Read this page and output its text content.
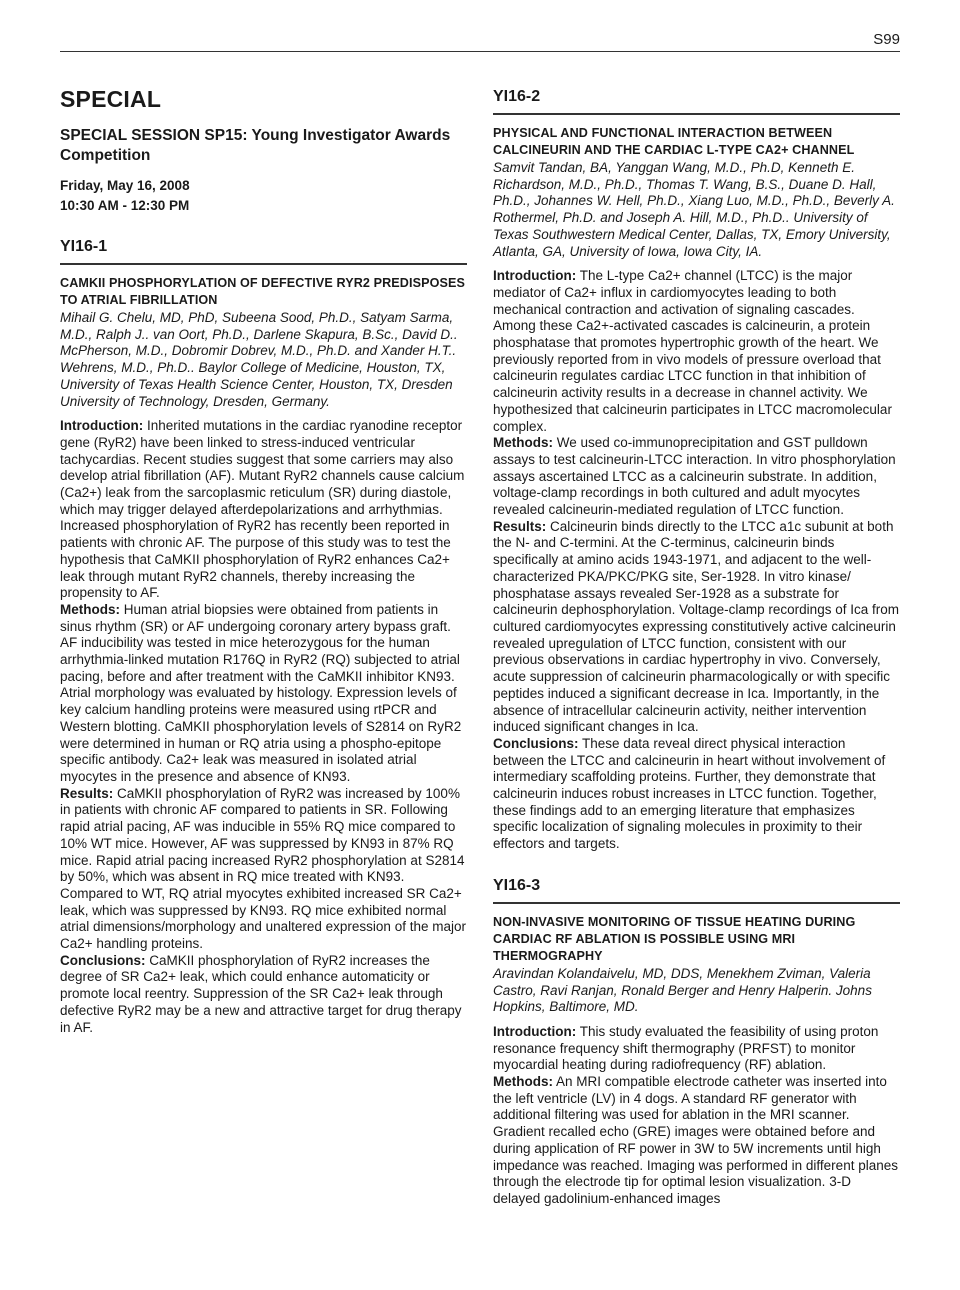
S99
SPECIAL
SPECIAL SESSION SP15: Young Investigator Awards Competition
Friday, May 16, 2008
10:30 AM - 12:30 PM
YI16-1
CAMKII PHOSPHORYLATION OF DEFECTIVE RYR2 PREDISPOSES TO ATRIAL FIBRILLATION
Mihail G. Chelu, MD, PhD, Subeena Sood, Ph.D., Satyam Sarma, M.D., Ralph J.. van Oort, Ph.D., Darlene Skapura, B.Sc., David D.. McPherson, M.D., Dobromir Dobrev, M.D., Ph.D. and Xander H.T.. Wehrens, M.D., Ph.D.. Baylor College of Medicine, Houston, TX, University of Texas Health Science Center, Houston, TX, Dresden University of Technology, Dresden, Germany.
Introduction: Inherited mutations in the cardiac ryanodine receptor gene (RyR2) have been linked to stress-induced ventricular tachycardias. Recent studies suggest that some carriers may also develop atrial fibrillation (AF). Mutant RyR2 channels cause calcium (Ca2+) leak from the sarcoplasmic reticulum (SR) during diastole, which may trigger delayed afterdepolarizations and arrhythmias. Increased phosphorylation of RyR2 has recently been reported in patients with chronic AF. The purpose of this study was to test the hypothesis that CaMKII phosphorylation of RyR2 enhances Ca2+ leak through mutant RyR2 channels, thereby increasing the propensity to AF.
Methods: Human atrial biopsies were obtained from patients in sinus rhythm (SR) or AF undergoing coronary artery bypass graft. AF inducibility was tested in mice heterozygous for the human arrhythmia-linked mutation R176Q in RyR2 (RQ) subjected to atrial pacing, before and after treatment with the CaMKII inhibitor KN93. Atrial morphology was evaluated by histology. Expression levels of key calcium handling proteins were measured using rtPCR and Western blotting. CaMKII phosphorylation levels of S2814 on RyR2 were determined in human or RQ atria using a phospho-epitope specific antibody. Ca2+ leak was measured in isolated atrial myocytes in the presence and absence of KN93.
Results: CaMKII phosphorylation of RyR2 was increased by 100% in patients with chronic AF compared to patients in SR. Following rapid atrial pacing, AF was inducible in 55% RQ mice compared to 10% WT mice. However, AF was suppressed by KN93 in 87% RQ mice. Rapid atrial pacing increased RyR2 phosphorylation at S2814 by 50%, which was absent in RQ mice treated with KN93. Compared to WT, RQ atrial myocytes exhibited increased SR Ca2+ leak, which was suppressed by KN93. RQ mice exhibited normal atrial dimensions/morphology and unaltered expression of the major Ca2+ handling proteins.
Conclusions: CaMKII phosphorylation of RyR2 increases the degree of SR Ca2+ leak, which could enhance automaticity or promote local reentry. Suppression of the SR Ca2+ leak through defective RyR2 may be a new and attractive target for drug therapy in AF.
YI16-2
PHYSICAL AND FUNCTIONAL INTERACTION BETWEEN CALCINEURIN AND THE CARDIAC L-TYPE CA2+ CHANNEL
Samvit Tandan, BA, Yanggan Wang, M.D., Ph.D, Kenneth E. Richardson, M.D., Ph.D., Thomas T. Wang, B.S., Duane D. Hall, Ph.D., Johannes W. Hell, Ph.D., Xiang Luo, M.D., Ph.D., Beverly A. Rothermel, Ph.D. and Joseph A. Hill, M.D., Ph.D.. University of Texas Southwestern Medical Center, Dallas, TX, Emory University, Atlanta, GA, University of Iowa, Iowa City, IA.
Introduction: The L-type Ca2+ channel (LTCC) is the major mediator of Ca2+ influx in cardiomyocytes leading to both mechanical contraction and activation of signaling cascades. Among these Ca2+-activated cascades is calcineurin, a protein phosphatase that promotes hypertrophic growth of the heart. We previously reported from in vivo models of pressure overload that calcineurin regulates cardiac LTCC function in that inhibition of calcineurin activity results in a decrease in channel activity. We hypothesized that calcineurin participates in LTCC macromolecular complex.
Methods: We used co-immunoprecipitation and GST pulldown assays to test calcineurin-LTCC interaction. In vitro phosphorylation assays ascertained LTCC as a calcineurin substrate. In addition, voltage-clamp recordings in both cultured and adult myocytes revealed calcineurin-mediated regulation of LTCC function.
Results: Calcineurin binds directly to the LTCC a1c subunit at both the N- and C-termini. At the C-terminus, calcineurin binds specifically at amino acids 1943-1971, and adjacent to the well-characterized PKA/PKC/PKG site, Ser-1928. In vitro kinase/ phosphatase assays revealed Ser-1928 as a substrate for calcineurin dephosphorylation. Voltage-clamp recordings of Ica from cultured cardiomyocytes expressing constitutively active calcineurin revealed upregulation of LTCC function, consistent with our previous observations in cardiac hypertrophy in vivo. Conversely, acute suppression of calcineurin pharmacologically or with specific peptides induced a significant decrease in Ica. Importantly, in the absence of intracellular calcineurin activity, neither intervention induced significant changes in Ica.
Conclusions: These data reveal direct physical interaction between the LTCC and calcineurin in heart without involvement of intermediary scaffolding proteins. Further, they demonstrate that calcineurin induces robust increases in LTCC function. Together, these findings add to an emerging literature that emphasizes specific localization of signaling molecules in proximity to their effectors and targets.
YI16-3
NON-INVASIVE MONITORING OF TISSUE HEATING DURING CARDIAC RF ABLATION IS POSSIBLE USING MRI THERMOGRAPHY
Aravindan Kolandaivelu, MD, DDS, Menekhem Zviman, Valeria Castro, Ravi Ranjan, Ronald Berger and Henry Halperin. Johns Hopkins, Baltimore, MD.
Introduction: This study evaluated the feasibility of using proton resonance frequency shift thermography (PRFST) to monitor myocardial heating during radiofrequency (RF) ablation.
Methods: An MRI compatible electrode catheter was inserted into the left ventricle (LV) in 4 dogs. A standard RF generator with additional filtering was used for ablation in the MRI scanner. Gradient recalled echo (GRE) images were obtained before and during application of RF power in 3W to 5W increments until high impedance was reached. Imaging was performed in different planes through the electrode tip for optimal lesion visualization. 3-D delayed gadolinium-enhanced images
